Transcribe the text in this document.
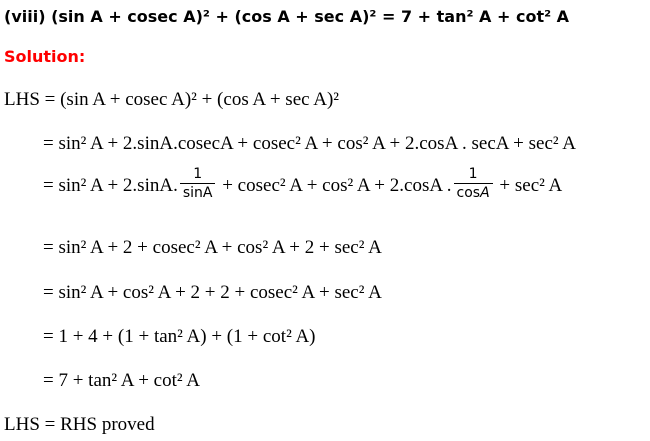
(viii) (sin A + cosec A)² + (cos A + sec A)² = 7 + tan² A + cot² A
Solution:
LHS = (sin A + cosec A)² + (cos A + sec A)²
= sin² A + 2.sinA.cosecA + cosec² A + cos² A + 2.cosA . secA + sec² A
= sin² A + 2.sinA. $\frac{1}{\sin A} + cosec^2$ A + cos² A + 2.cosA . $\frac{1}{\cos A} + \sec^2$ A
= sin² A + 2 + cosec² A + cos² A + 2 + sec² A
= sin² A + cos² A + 2 + 2 + cosec² A + sec² A
= 1 + 4 + (1 + tan² A) + (1 + cot² A)
= 7 + tan² A + cot² A
LHS = RHS proved
